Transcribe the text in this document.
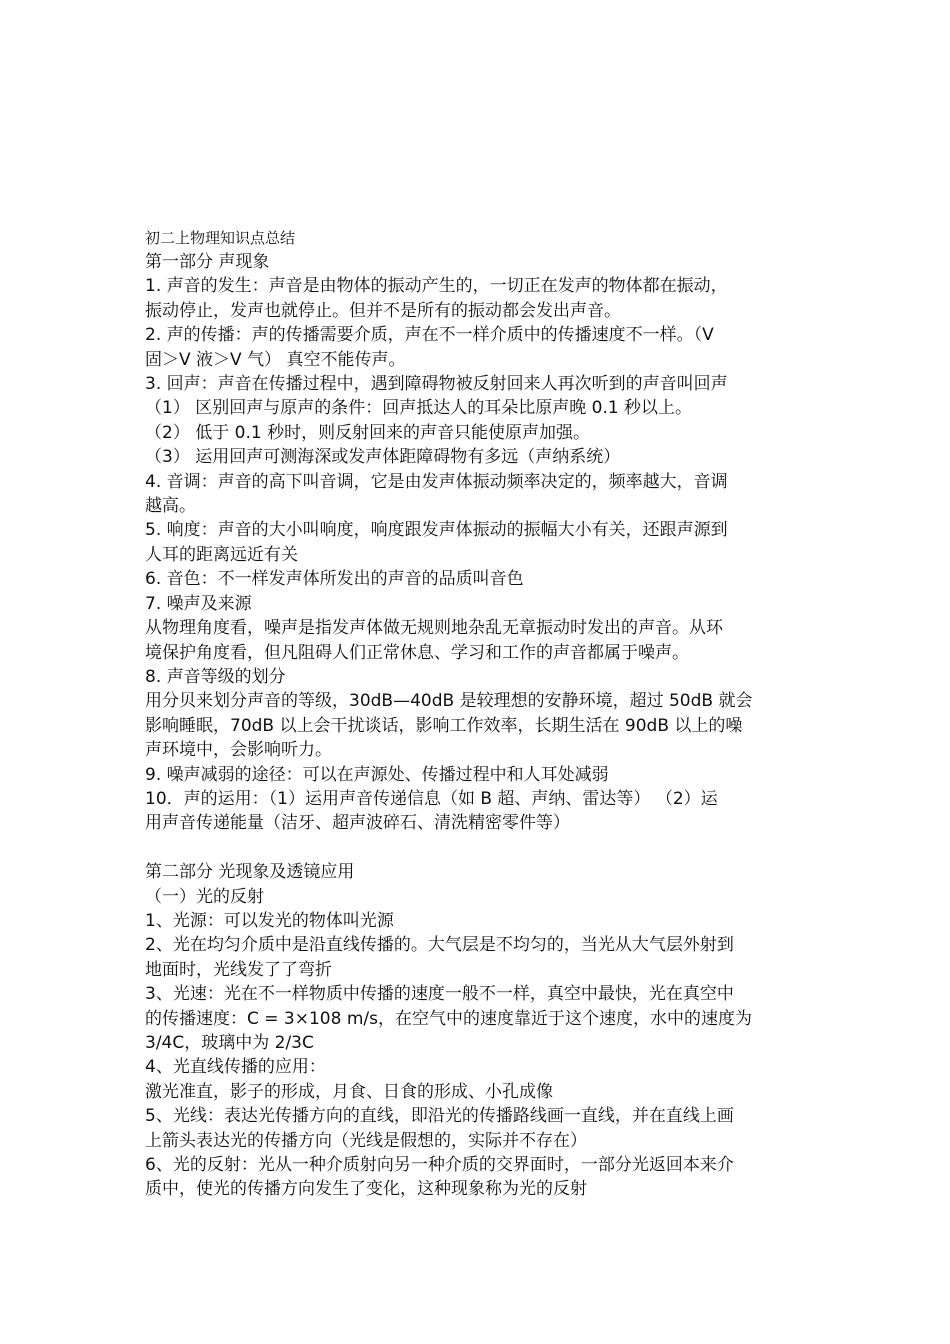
初二上物理知识点总结

第一部分 声现象

1. 声音的发生：声音是由物体的振动产生的，一切正在发声的物体都在振动，

振动停止，发声也就停止。但并不是所有的振动都会发出声音。

2. 声的传播：声的传播需要介质，声在不一样介质中的传播速度不一样。（V

固＞V 液＞V 气） 真空不能传声。

3. 回声：声音在传播过程中，遇到障碍物被反射回来人再次听到的声音叫回声

（1） 区别回声与原声的条件：回声抵达人的耳朵比原声晚 0.1 秒以上。

（2） 低于 0.1 秒时，则反射回来的声音只能使原声加强。

（3） 运用回声可测海深或发声体距障碍物有多远（声纳系统）

4. 音调：声音的高下叫音调，它是由发声体振动频率决定的，频率越大，音调

越高。

5. 响度：声音的大小叫响度，响度跟发声体振动的振幅大小有关，还跟声源到

人耳的距离远近有关

6. 音色：不一样发声体所发出的声音的品质叫音色

7. 噪声及来源

从物理角度看，噪声是指发声体做无规则地杂乱无章振动时发出的声音。从环

境保护角度看，但凡阻碍人们正常休息、学习和工作的声音都属于噪声。

8. 声音等级的划分

用分贝来划分声音的等级，30dB—40dB 是较理想的安静环境，超过 50dB 就会

影响睡眠，70dB 以上会干扰谈话，影响工作效率，长期生活在 90dB 以上的噪

声环境中，会影响听力。

9. 噪声减弱的途径：可以在声源处、传播过程中和人耳处减弱

10．声的运用：（1）运用声音传递信息（如 B 超、声纳、雷达等） （2）运

用声音传递能量（洁牙、超声波碎石、清洗精密零件等）

第二部分 光现象及透镜应用

（一）光的反射

1、光源：可以发光的物体叫光源

2、光在均匀介质中是沿直线传播的。大气层是不均匀的，当光从大气层外射到

地面时，光线发了了弯折

3、光速：光在不一样物质中传播的速度一般不一样，真空中最快，光在真空中

的传播速度：C = 3×108 m/s，在空气中的速度靠近于这个速度，水中的速度为

3/4C，玻璃中为 2/3C

4、光直线传播的应用：

激光准直，影子的形成，月食、日食的形成、小孔成像

5、光线：表达光传播方向的直线，即沿光的传播路线画一直线，并在直线上画

上箭头表达光的传播方向（光线是假想的，实际并不存在）

6、光的反射：光从一种介质射向另一种介质的交界面时，一部分光返回本来介

质中，使光的传播方向发生了变化，这种现象称为光的反射
